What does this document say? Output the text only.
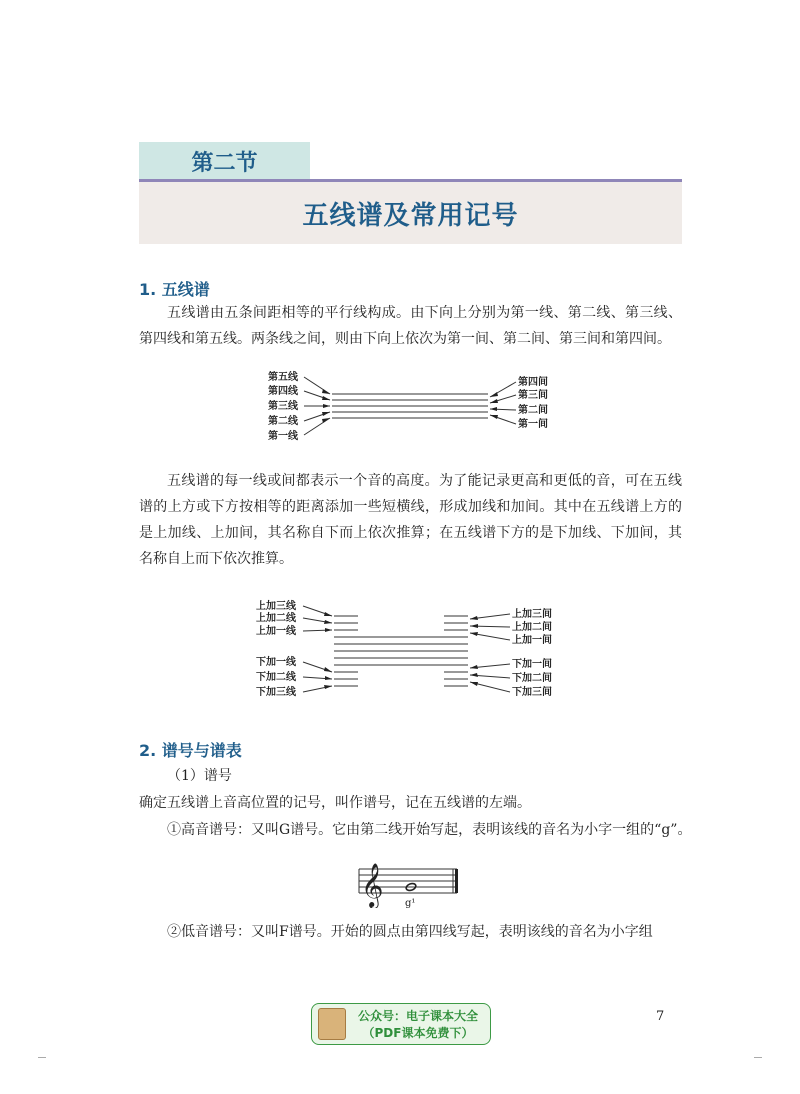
第二节
五线谱及常用记号
1. 五线谱

五线谱由五条间距相等的平行线构成。由下向上分别为第一线、第二线、第三线、第四线和第五线。两条线之间，则由下向上依次为第一间、第二间、第三间和第四间。

第五线
第四线
第三线
第二线
第一线
第四间
第三间
第二间
第一间

五线谱的每一线或间都表示一个音的高度。为了能记录更高和更低的音，可在五线谱的上方或下方按相等的距离添加一些短横线，形成加线和加间。其中在五线谱上方的是上加线、上加间，其名称自下而上依次推算；在五线谱下方的是下加线、下加间，其名称自上而下依次推算。

上加三线
上加二线
上加一线
下加一线
下加二线
下加三线
上加三间
上加二间
上加一间
下加一间
下加二间
下加三间
2. 谱号与谱表
（1）谱号
确定五线谱上音高位置的记号，叫作谱号，记在五线谱的左端。
①高音谱号：又叫G谱号。它由第二线开始写起，表明该线的音名为小字一组的“g”。
𝄞 g¹
②低音谱号：又叫F谱号。开始的圆点由第四线写起，表明该线的音名为小字组
公众号：电子课本大全
（PDF课本免费下）
7
